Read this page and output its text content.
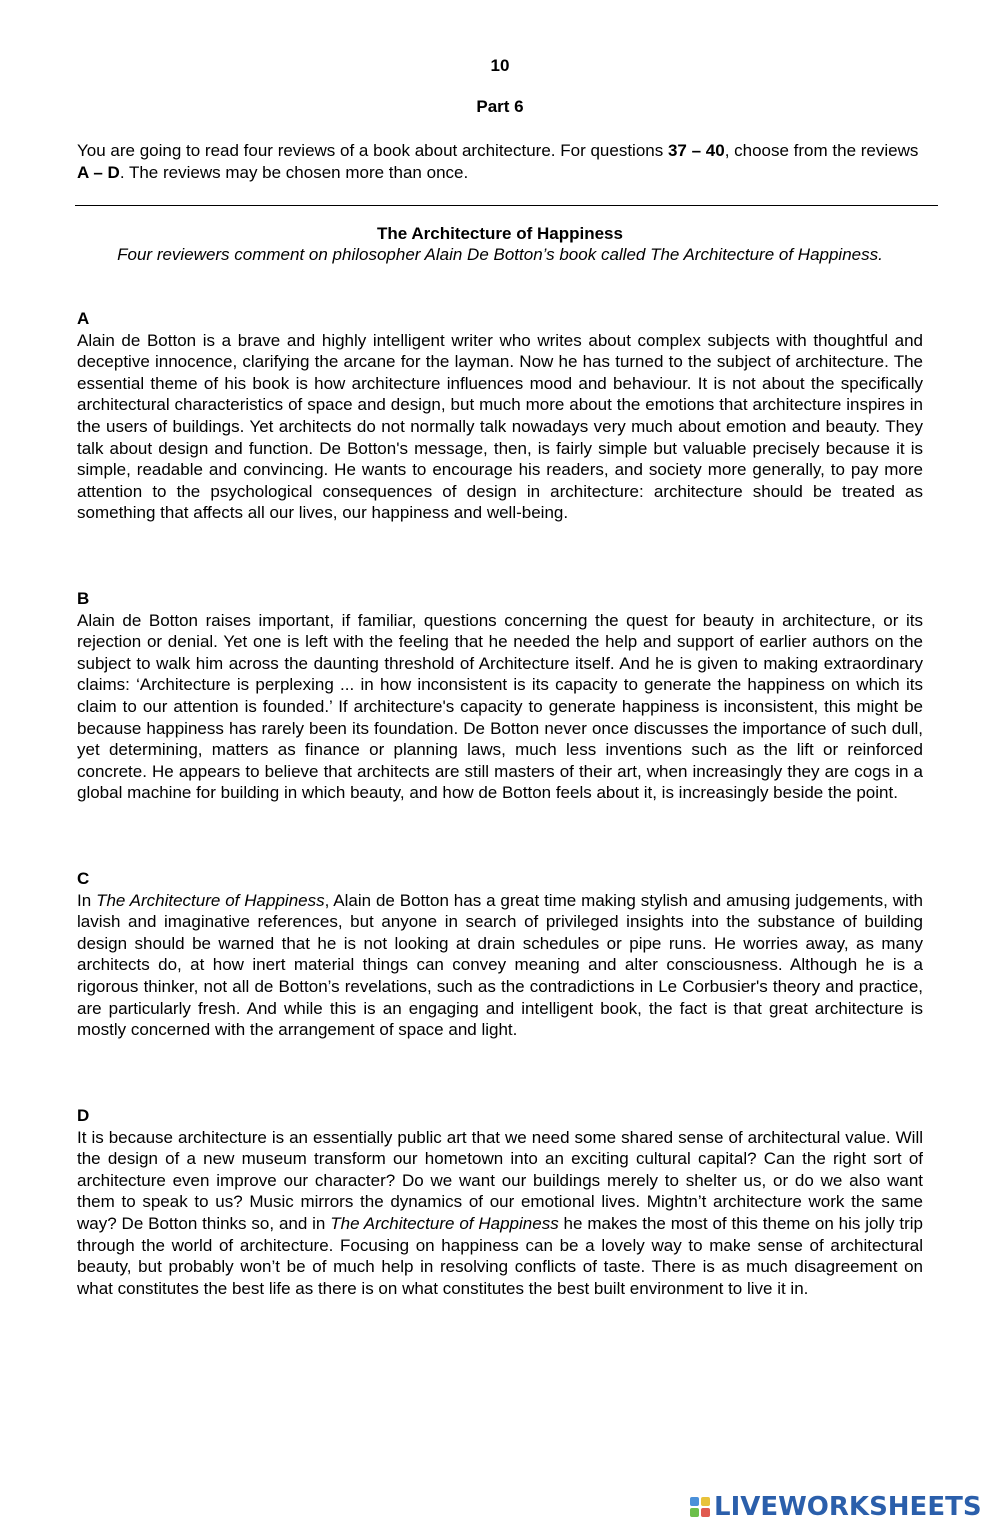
10
Part 6
You are going to read four reviews of a book about architecture. For questions 37 – 40, choose from the reviews A – D. The reviews may be chosen more than once.
The Architecture of Happiness
Four reviewers comment on philosopher Alain De Botton’s book called The Architecture of Happiness.

A

Alain de Botton is a brave and highly intelligent writer who writes about complex subjects with thoughtful and deceptive innocence, clarifying the arcane for the layman. Now he has turned to the subject of architecture. The essential theme of his book is how architecture influences mood and behaviour. It is not about the specifically architectural characteristics of space and design, but much more about the emotions that architecture inspires in the users of buildings. Yet architects do not normally talk nowadays very much about emotion and beauty. They talk about design and function. De Botton's message, then, is fairly simple but valuable precisely because it is simple, readable and convincing. He wants to encourage his readers, and society more generally, to pay more attention to the psychological consequences of design in architecture: architecture should be treated as something that affects all our lives, our happiness and well-being.

B

Alain de Botton raises important, if familiar, questions concerning the quest for beauty in architecture, or its rejection or denial. Yet one is left with the feeling that he needed the help and support of earlier authors on the subject to walk him across the daunting threshold of Architecture itself. And he is given to making extraordinary claims: ‘Architecture is perplexing ... in how inconsistent is its capacity to generate the happiness on which its claim to our attention is founded.’ If architecture's capacity to generate happiness is inconsistent, this might be because happiness has rarely been its foundation. De Botton never once discusses the importance of such dull, yet determining, matters as finance or planning laws, much less inventions such as the lift or reinforced concrete. He appears to believe that architects are still masters of their art, when increasingly they are cogs in a global machine for building in which beauty, and how de Botton feels about it, is increasingly beside the point.

C

In The Architecture of Happiness, Alain de Botton has a great time making stylish and amusing judgements, with lavish and imaginative references, but anyone in search of privileged insights into the substance of building design should be warned that he is not looking at drain schedules or pipe runs. He worries away, as many architects do, at how inert material things can convey meaning and alter consciousness. Although he is a rigorous thinker, not all de Botton’s revelations, such as the contradictions in Le Corbusier's theory and practice, are particularly fresh. And while this is an engaging and intelligent book, the fact is that great architecture is mostly concerned with the arrangement of space and light.

D

It is because architecture is an essentially public art that we need some shared sense of architectural value. Will the design of a new museum transform our hometown into an exciting cultural capital? Can the right sort of architecture even improve our character? Do we want our buildings merely to shelter us, or do we also want them to speak to us? Music mirrors the dynamics of our emotional lives. Mightn’t architecture work the same way? De Botton thinks so, and in The Architecture of Happiness he makes the most of this theme on his jolly trip through the world of architecture. Focusing on happiness can be a lovely way to make sense of architectural beauty, but probably won’t be of much help in resolving conflicts of taste. There is as much disagreement on what constitutes the best life as there is on what constitutes the best built environment to live it in.

LIVEWORKSHEETS
